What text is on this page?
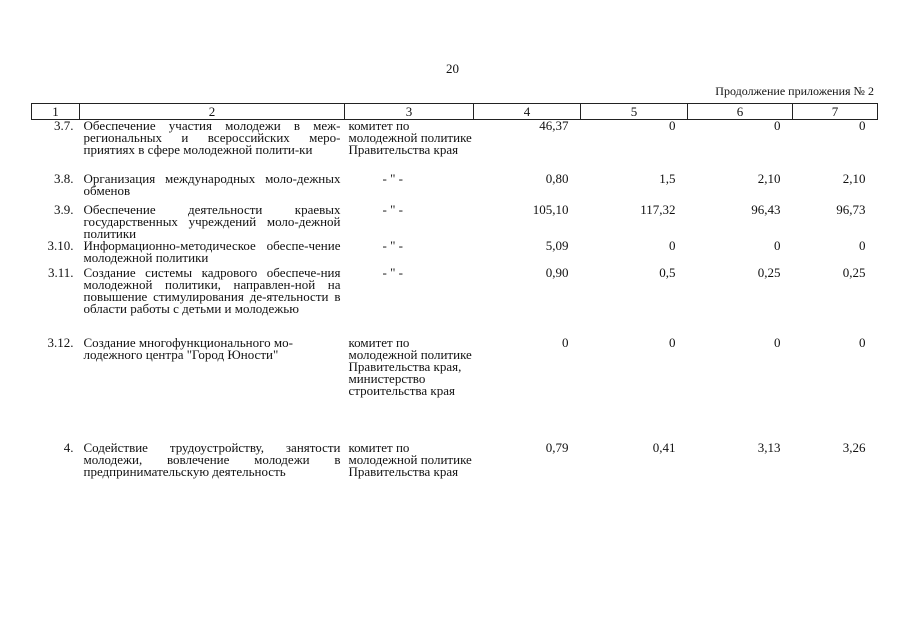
20
Продолжение приложения № 2
1	2	3	4	5	6	7
3.7.	Обеспечение участия молодежи в меж-региональных и всероссийских меро-приятиях в сфере молодежной полити-ки	комитет по молодежной политике Правительства края	46,37	0	0	0
3.8.	Организация международных моло-дежных обменов	- " -	0,80	1,5	2,10	2,10
3.9.	Обеспечение деятельности краевых государственных учреждений моло-дежной политики	- " -	105,10	117,32	96,43	96,73
3.10.	Информационно-методическое обеспе-чение молодежной политики	- " -	5,09	0	0	0
3.11.	Создание системы кадрового обеспече-ния молодежной политики, направлен-ной на повышение стимулирования де-ятельности в области работы с детьми и молодежью	- " -	0,90	0,5	0,25	0,25
3.12.	Создание многофункционального мо-лодежного центра "Город Юности"	комитет по молодежной политике Правительства края, министерство строительства края	0	0	0	0
4.	Содействие трудоустройству, занятости молодежи, вовлечение молодежи в предпринимательскую деятельность	комитет по молодежной политике Правительства края	0,79	0,41	3,13	3,26
